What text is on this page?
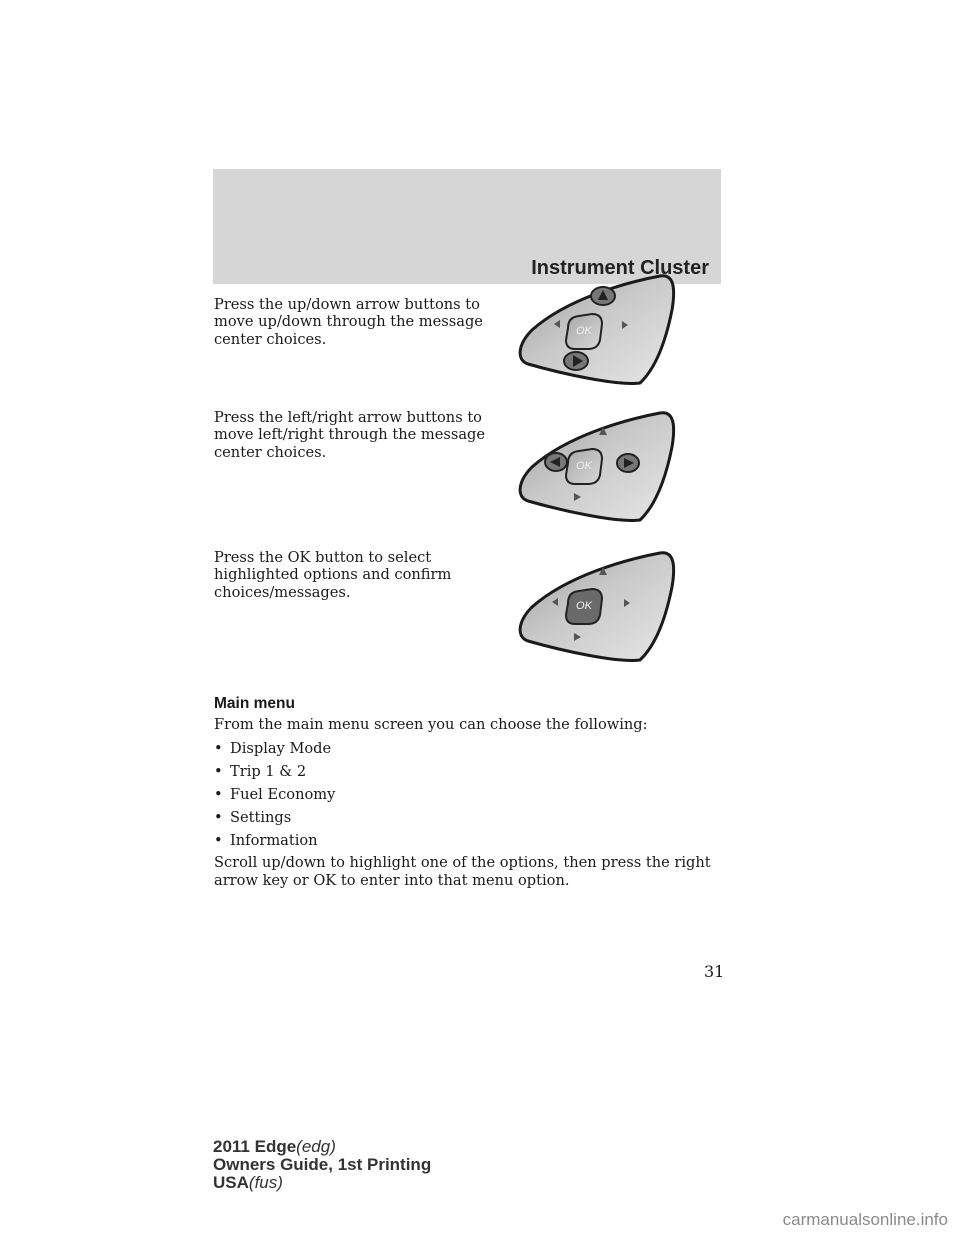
Instrument Cluster

Press the up/down arrow buttons to move up/down through the message center choices.

Press the left/right arrow buttons to move left/right through the message center choices.

Press the OK button to select highlighted options and confirm choices/messages.

OK
OK
OK
Main menu

From the main menu screen you can choose the following:

• Display Mode
• Trip 1 & 2
• Fuel Economy
• Settings
• Information

Scroll up/down to highlight one of the options, then press the right arrow key or OK to enter into that menu option.

31
2011 Edge(edg)
Owners Guide, 1st Printing
USA(fus)
carmanualsonline.info
